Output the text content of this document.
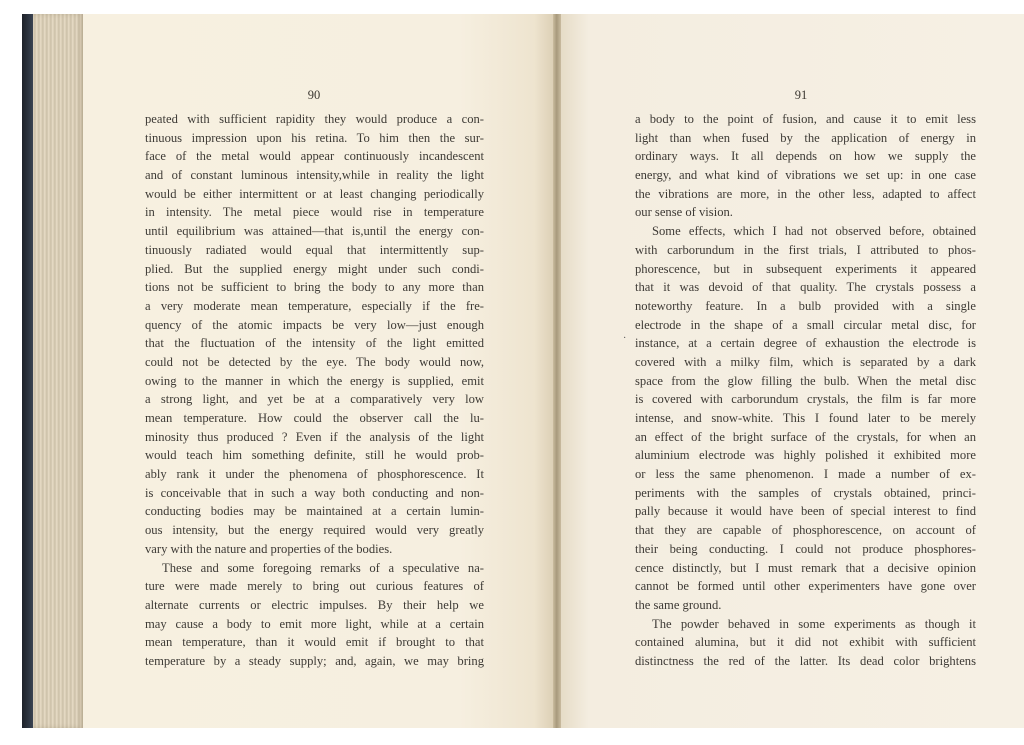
90	91
peated with sufficient rapidity they would produce a con-
tinuous impression upon his retina. To him then the sur-
face of the metal would appear continuously incandescent
and of constant luminous intensity,while in reality the light
would be either intermittent or at least changing periodically
in intensity. The metal piece would rise in temperature
until equilibrium was attained—that is,until the energy con-
tinuously radiated would equal that intermittently sup-
plied. But the supplied energy might under such condi-
tions not be sufficient to bring the body to any more than
a very moderate mean temperature, especially if the fre-
quency of the atomic impacts be very low—just enough
that the fluctuation of the intensity of the light emitted
could not be detected by the eye. The body would now,
owing to the manner in which the energy is supplied, emit
a strong light, and yet be at a comparatively very low
mean temperature. How could the observer call the lu-
minosity thus produced ? Even if the analysis of the light
would teach him something definite, still he would prob-
ably rank it under the phenomena of phosphorescence. It
is conceivable that in such a way both conducting and non-
conducting bodies may be maintained at a certain lumin-
ous intensity, but the energy required would very greatly
vary with the nature and properties of the bodies.
These and some foregoing remarks of a speculative na-
ture were made merely to bring out curious features of
alternate currents or electric impulses. By their help we
may cause a body to emit more light, while at a certain
mean temperature, than it would emit if brought to that
temperature by a steady supply; and, again, we may bring
a body to the point of fusion, and cause it to emit less
light than when fused by the application of energy in
ordinary ways. It all depends on how we supply the
energy, and what kind of vibrations we set up: in one case
the vibrations are more, in the other less, adapted to affect
our sense of vision.
Some effects, which I had not observed before, obtained
with carborundum in the first trials, I attributed to phos-
phorescence, but in subsequent experiments it appeared
that it was devoid of that quality. The crystals possess a
noteworthy feature. In a bulb provided with a single
electrode in the shape of a small circular metal disc, for
instance, at a certain degree of exhaustion the electrode is
covered with a milky film, which is separated by a dark
space from the glow filling the bulb. When the metal disc
is covered with carborundum crystals, the film is far more
intense, and snow-white. This I found later to be merely
an effect of the bright surface of the crystals, for when an
aluminium electrode was highly polished it exhibited more
or less the same phenomenon. I made a number of ex-
periments with the samples of crystals obtained, princi-
pally because it would have been of special interest to find
that they are capable of phosphorescence, on account of
their being conducting. I could not produce phosphores-
cence distinctly, but I must remark that a decisive opinion
cannot be formed until other experimenters have gone over
the same ground.
The powder behaved in some experiments as though it
contained alumina, but it did not exhibit with sufficient
distinctness the red of the latter. Its dead color brightens
·
